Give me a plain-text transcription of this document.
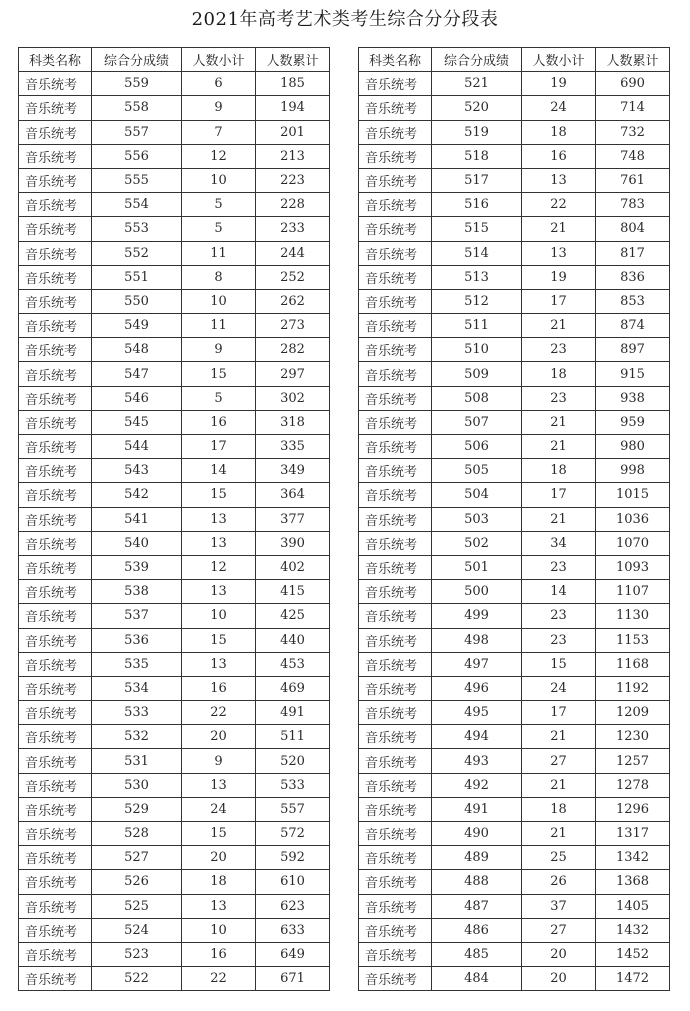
2021年高考艺术类考生综合分分段表
科类名称	综合分成绩	人数小计	人数累计
音乐统考	559	6	185
音乐统考	558	9	194
音乐统考	557	7	201
音乐统考	556	12	213
音乐统考	555	10	223
音乐统考	554	5	228
音乐统考	553	5	233
音乐统考	552	11	244
音乐统考	551	8	252
音乐统考	550	10	262
音乐统考	549	11	273
音乐统考	548	9	282
音乐统考	547	15	297
音乐统考	546	5	302
音乐统考	545	16	318
音乐统考	544	17	335
音乐统考	543	14	349
音乐统考	542	15	364
音乐统考	541	13	377
音乐统考	540	13	390
音乐统考	539	12	402
音乐统考	538	13	415
音乐统考	537	10	425
音乐统考	536	15	440
音乐统考	535	13	453
音乐统考	534	16	469
音乐统考	533	22	491
音乐统考	532	20	511
音乐统考	531	9	520
音乐统考	530	13	533
音乐统考	529	24	557
音乐统考	528	15	572
音乐统考	527	20	592
音乐统考	526	18	610
音乐统考	525	13	623
音乐统考	524	10	633
音乐统考	523	16	649
音乐统考	522	22	671
科类名称	综合分成绩	人数小计	人数累计
音乐统考	521	19	690
音乐统考	520	24	714
音乐统考	519	18	732
音乐统考	518	16	748
音乐统考	517	13	761
音乐统考	516	22	783
音乐统考	515	21	804
音乐统考	514	13	817
音乐统考	513	19	836
音乐统考	512	17	853
音乐统考	511	21	874
音乐统考	510	23	897
音乐统考	509	18	915
音乐统考	508	23	938
音乐统考	507	21	959
音乐统考	506	21	980
音乐统考	505	18	998
音乐统考	504	17	1015
音乐统考	503	21	1036
音乐统考	502	34	1070
音乐统考	501	23	1093
音乐统考	500	14	1107
音乐统考	499	23	1130
音乐统考	498	23	1153
音乐统考	497	15	1168
音乐统考	496	24	1192
音乐统考	495	17	1209
音乐统考	494	21	1230
音乐统考	493	27	1257
音乐统考	492	21	1278
音乐统考	491	18	1296
音乐统考	490	21	1317
音乐统考	489	25	1342
音乐统考	488	26	1368
音乐统考	487	37	1405
音乐统考	486	27	1432
音乐统考	485	20	1452
音乐统考	484	20	1472
